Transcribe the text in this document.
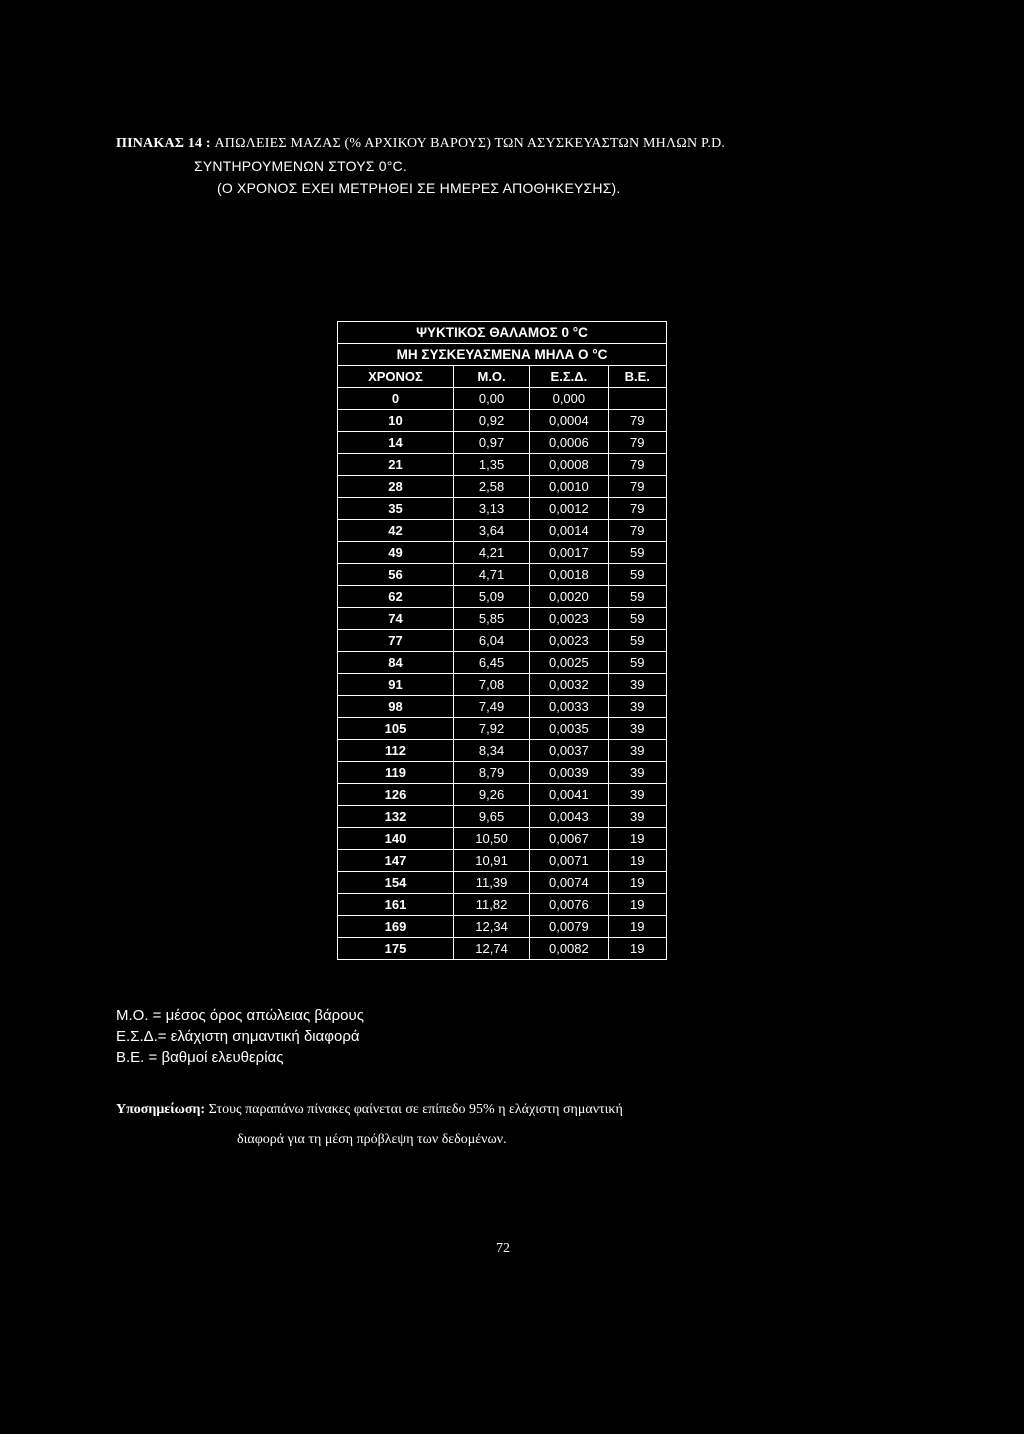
ΠΙΝΑΚΑΣ 14 : ΑΠΩΛΕΙΕΣ ΜΑΖΑΣ (% ΑΡΧΙΚΟΥ ΒΑΡΟΥΣ) ΤΩΝ ΑΣΥΣΚΕΥΑΣΤΩΝ ΜΗΛΩΝ P.D.
ΣΥΝΤΗΡΟΥΜΕΝΩΝ ΣΤΟΥΣ 0°C.
(Ο ΧΡΟΝΟΣ ΕΧΕΙ ΜΕΤΡΗΘΕΙ ΣΕ ΗΜΕΡΕΣ ΑΠΟΘΗΚΕΥΣΗΣ).
ΨΥΚΤΙΚΟΣ ΘΑΛΑΜΟΣ 0 °C			
ΜΗ ΣΥΣΚΕΥΑΣΜΕΝΑ ΜΗΛΑ Ο °C			
ΧΡΟΝΟΣ	Μ.Ο.	Ε.Σ.Δ.	Β.Ε.
0	0,00	0,000	
10	0,92	0,0004	79
14	0,97	0,0006	79
21	1,35	0,0008	79
28	2,58	0,0010	79
35	3,13	0,0012	79
42	3,64	0,0014	79
49	4,21	0,0017	59
56	4,71	0,0018	59
62	5,09	0,0020	59
74	5,85	0,0023	59
77	6,04	0,0023	59
84	6,45	0,0025	59
91	7,08	0,0032	39
98	7,49	0,0033	39
105	7,92	0,0035	39
112	8,34	0,0037	39
119	8,79	0,0039	39
126	9,26	0,0041	39
132	9,65	0,0043	39
140	10,50	0,0067	19
147	10,91	0,0071	19
154	11,39	0,0074	19
161	11,82	0,0076	19
169	12,34	0,0079	19
175	12,74	0,0082	19
Μ.Ο. = μέσος όρος απώλειας βάρους
Ε.Σ.Δ.= ελάχιστη σημαντική διαφορά
Β.Ε. = βαθμοί ελευθερίας
Υποσημείωση: Στους παραπάνω πίνακες φαίνεται σε επίπεδο 95% η ελάχιστη σημαντική
διαφορά για τη μέση πρόβλεψη των δεδομένων.
72
